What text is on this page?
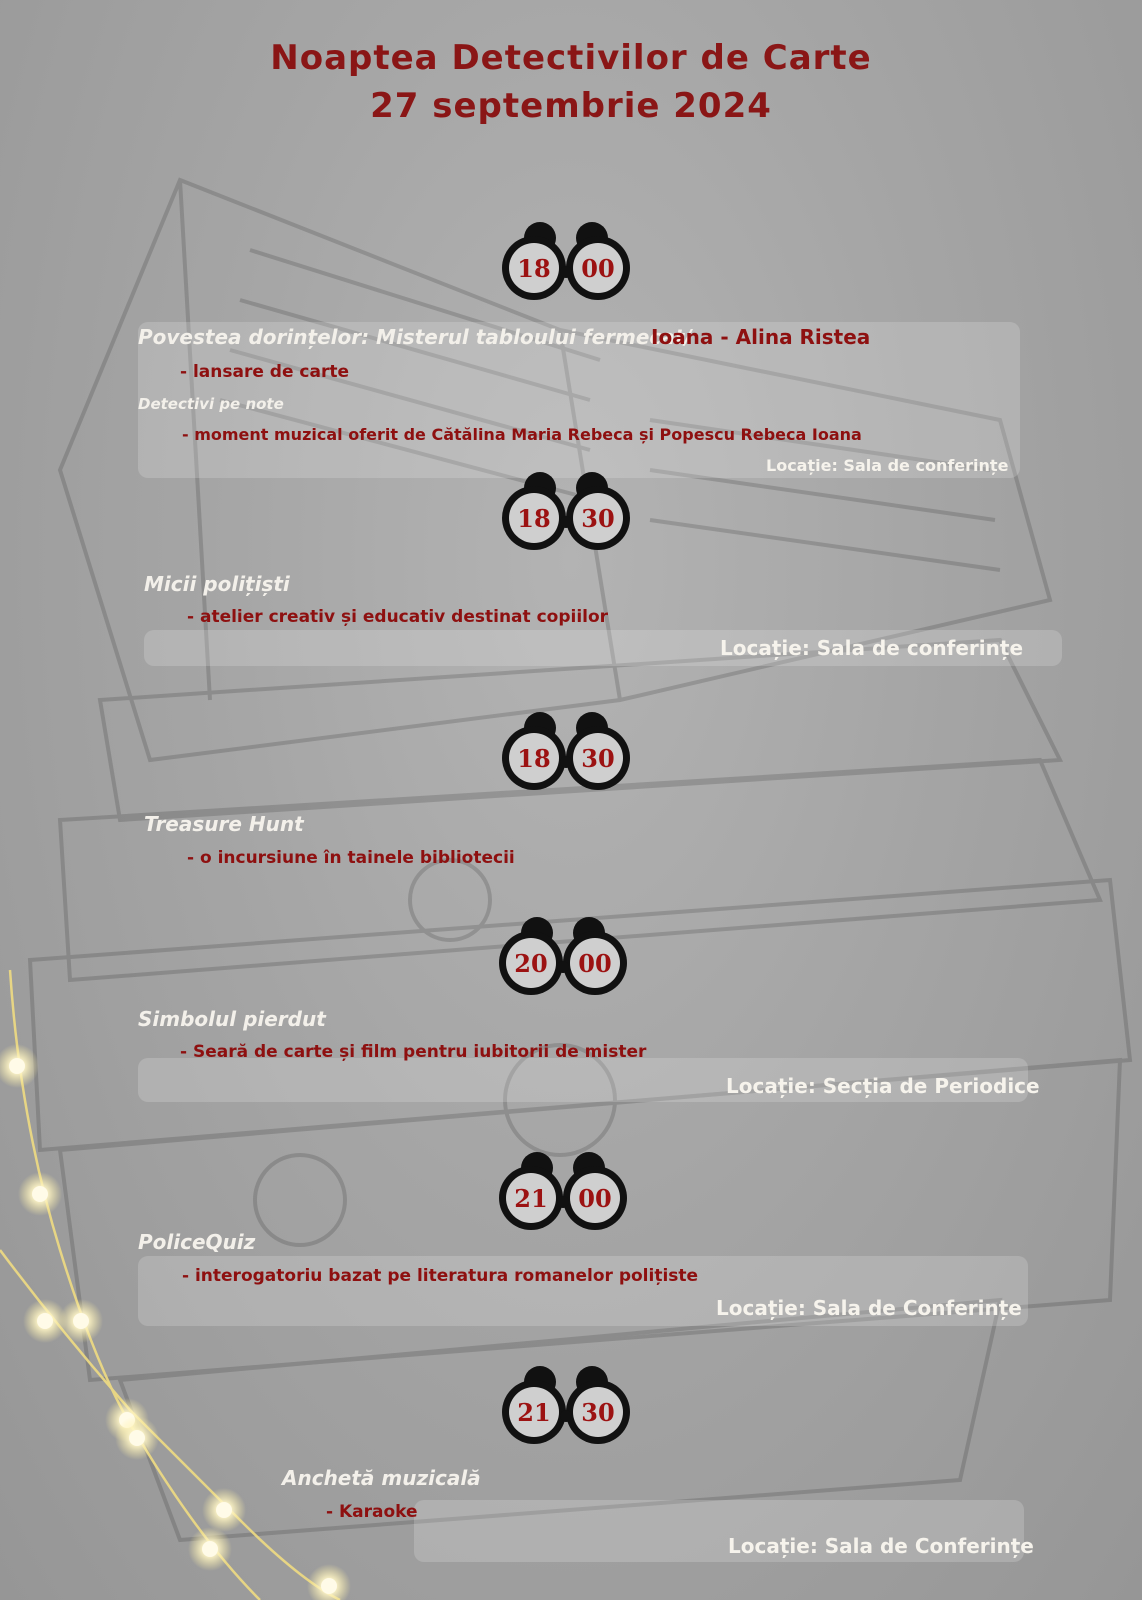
Noaptea Detectivilor de Carte
27 septembrie 2024
18 00
Povestea dorințelor: Misterul tabloului fermecat/
Ioana - Alina Ristea
- lansare de carte
Detectivi pe note
- moment muzical oferit de Cătălina Maria Rebeca și Popescu Rebeca Ioana
Locație: Sala de conferințe
18 30
Micii polițiști
- atelier creativ și educativ destinat copiilor
Locație: Sala de conferințe
18 30
Treasure Hunt
- o incursiune în tainele bibliotecii
20 00
Simbolul pierdut
- Seară de carte și film pentru iubitorii de mister
Locație: Secția de Periodice
21 00
PoliceQuiz
- interogatoriu bazat pe literatura romanelor polițiste
Locație: Sala de Conferințe
21 30
Anchetă muzicală
- Karaoke
Locație: Sala de Conferințe
